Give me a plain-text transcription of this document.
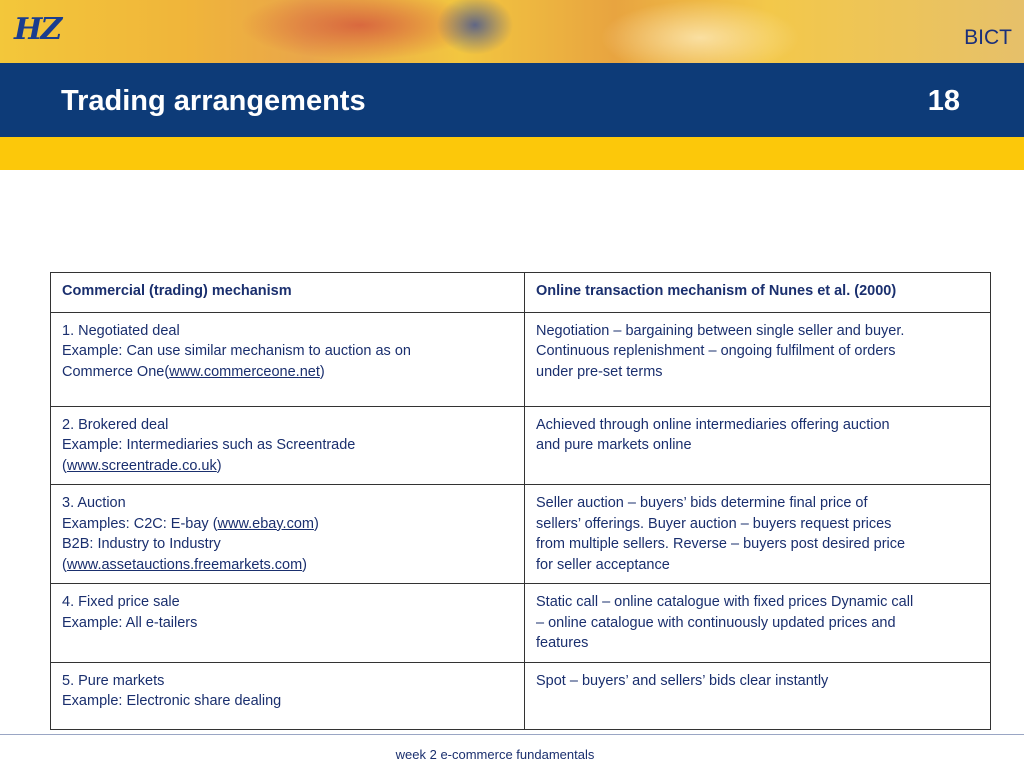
HZ	BICT
Trading arrangements	18
Commercial (trading) mechanism	Online transaction mechanism of Nunes et al. (2000)

1. Negotiated deal
Example: Can use similar mechanism to auction as on
Commerce One(www.commerceone.net)	Negotiation – bargaining between single seller and buyer.
Continuous replenishment – ongoing fulfilment of orders
under pre-set terms

2. Brokered deal
Example: Intermediaries such as Screentrade
(www.screentrade.co.uk)	Achieved through online intermediaries offering auction
and pure markets online

3. Auction
Examples: C2C: E-bay (www.ebay.com)
B2B: Industry to Industry
(www.assetauctions.freemarkets.com)	Seller auction – buyers’ bids determine final price of
sellers’ offerings. Buyer auction – buyers request prices
from multiple sellers. Reverse – buyers post desired price
for seller acceptance

4. Fixed price sale
Example: All e-tailers	Static call – online catalogue with fixed prices Dynamic call
– online catalogue with continuously updated prices and
features

5. Pure markets
Example: Electronic share dealing	Spot – buyers’ and sellers’ bids clear instantly
week 2 e-commerce fundamentals
